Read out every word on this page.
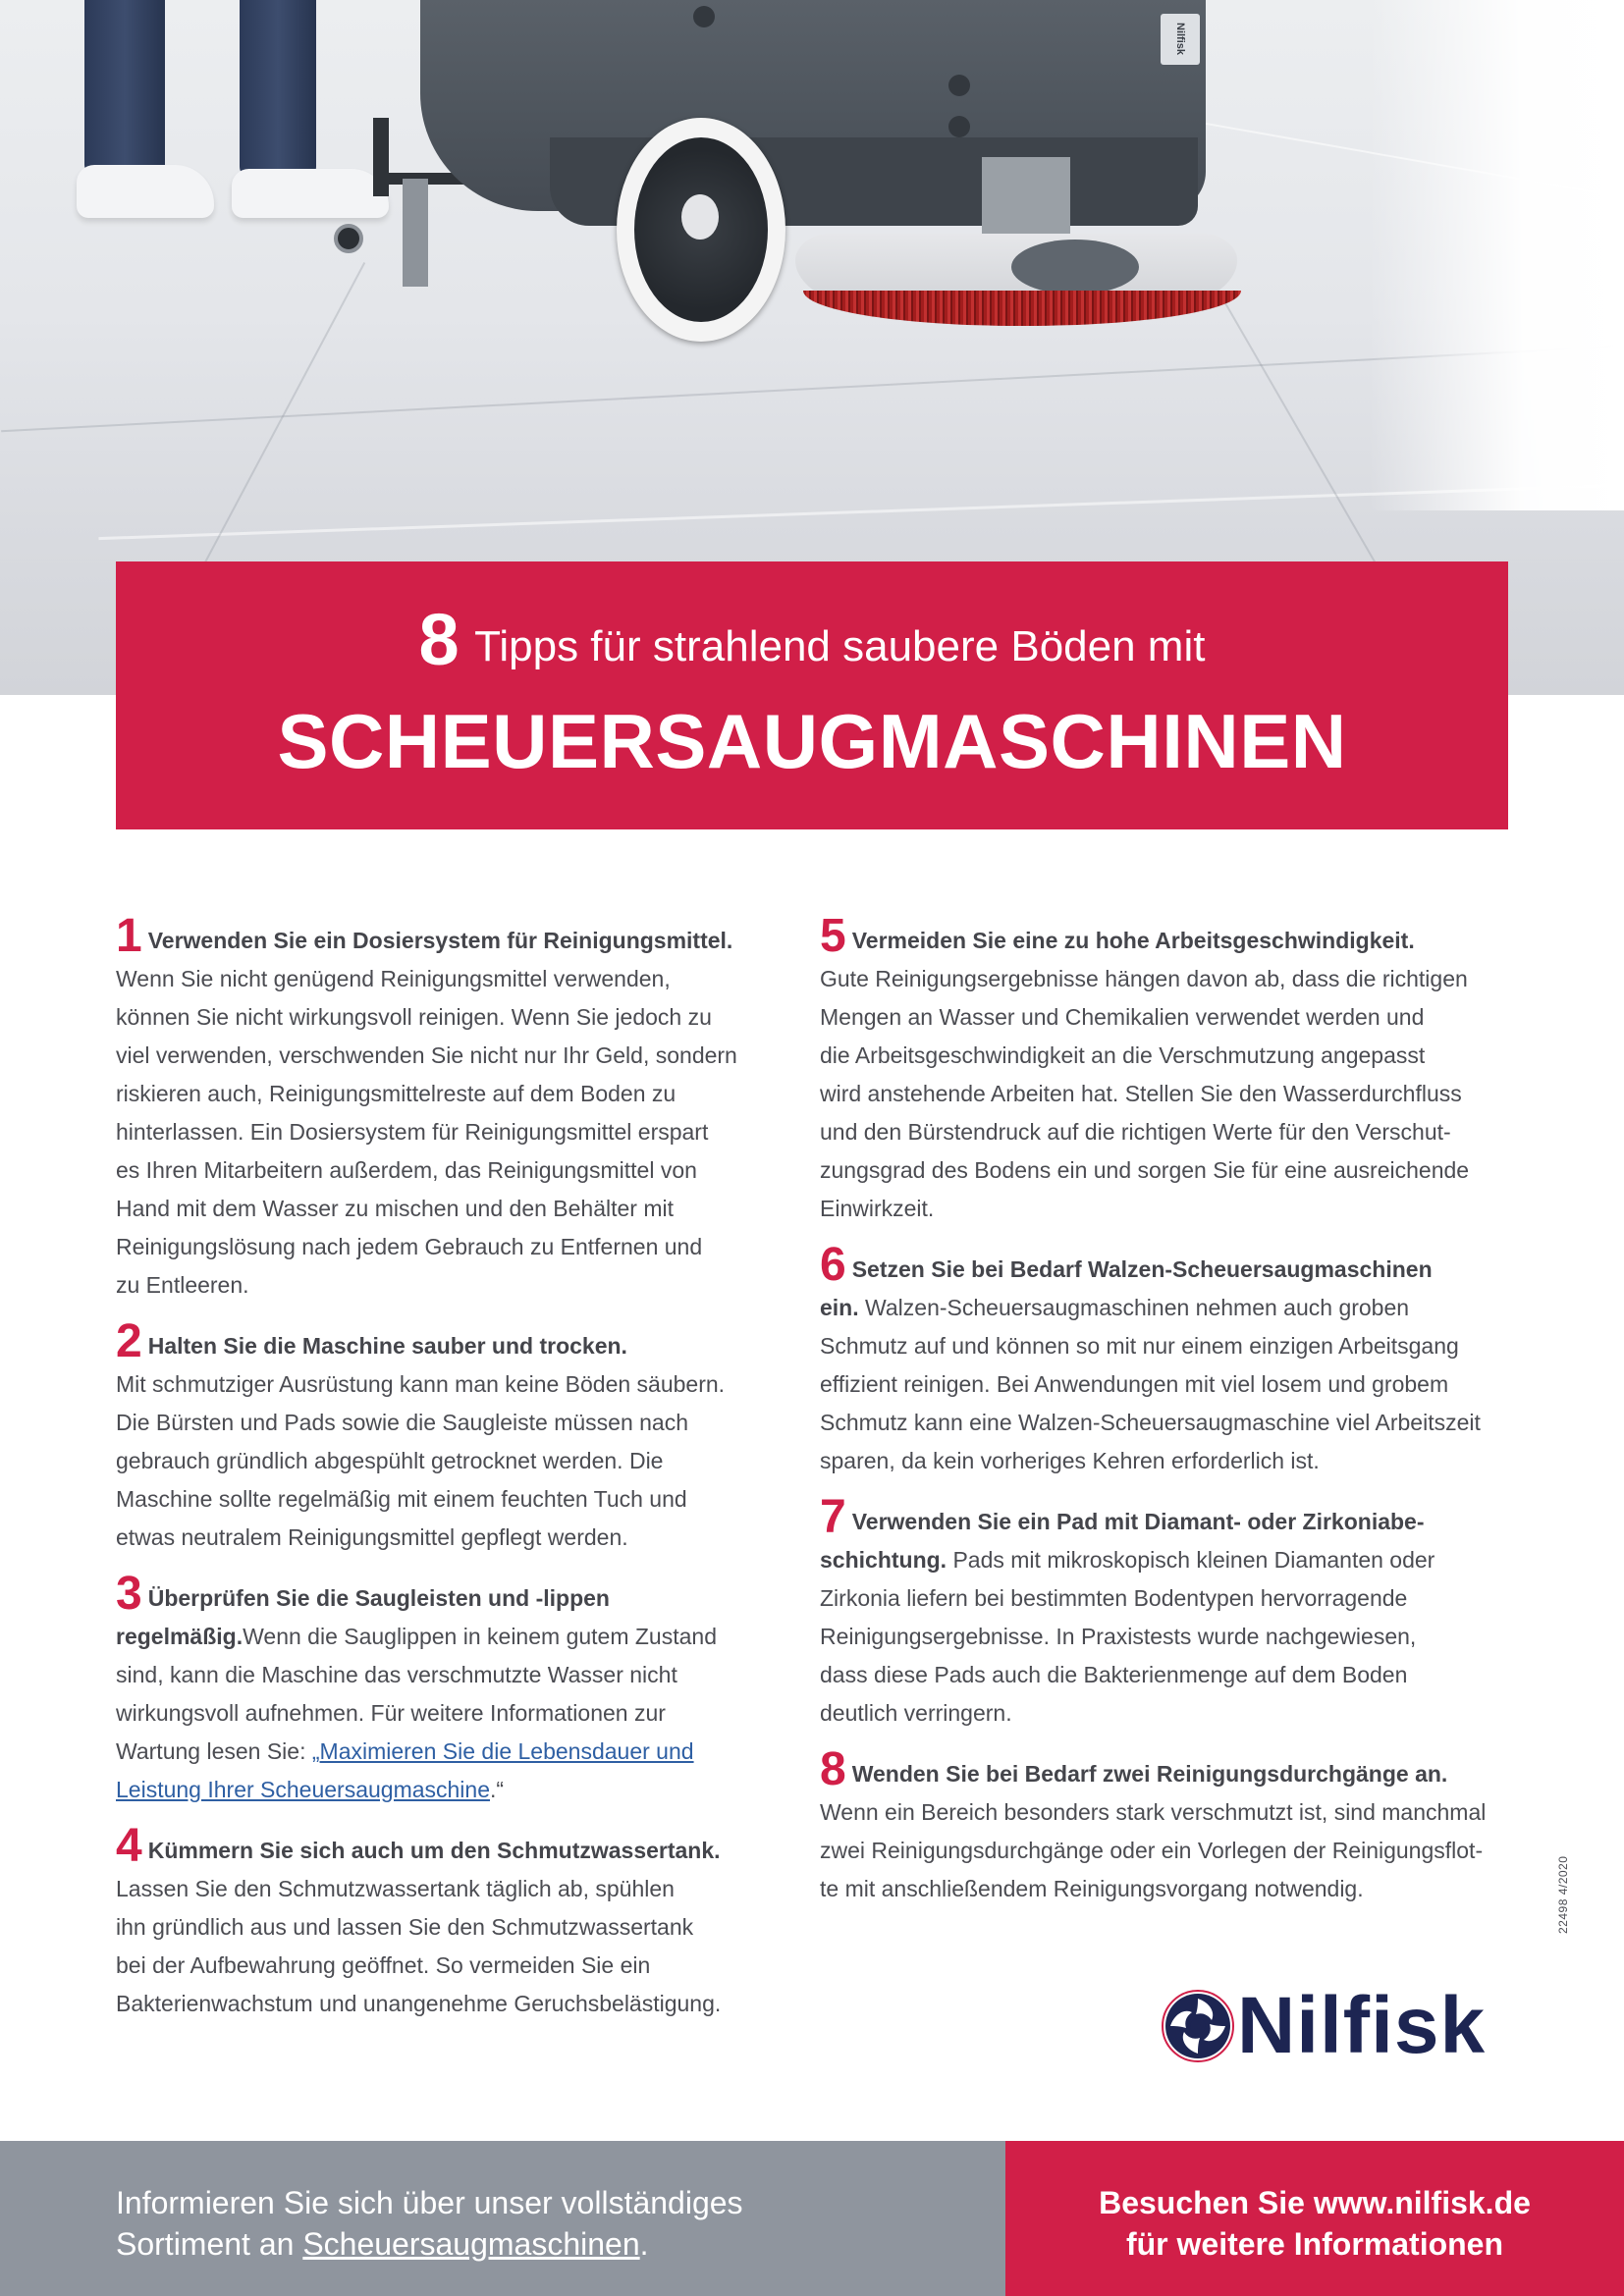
Nilfisk
8 Tipps für strahlend saubere Böden mit
SCHEUERSAUGMASCHINEN
1 Verwenden Sie ein Dosiersystem für Reinigungsmittel.
Wenn Sie nicht genügend Reinigungsmittel verwenden,
können Sie nicht wirkungsvoll reinigen. Wenn Sie jedoch zu
viel verwenden, verschwenden Sie nicht nur Ihr Geld, sondern
riskieren auch, Reinigungsmittelreste auf dem Boden zu
hinterlassen. Ein Dosiersystem für Reinigungsmittel erspart
es Ihren Mitarbeitern außerdem, das Reinigungsmittel von
Hand mit dem Wasser zu mischen und den Behälter mit
Reinigungslösung nach jedem Gebrauch zu Entfernen und
zu Entleeren.
2 Halten Sie die Maschine sauber und trocken.
Mit schmutziger Ausrüstung kann man keine Böden säubern.
Die Bürsten und Pads sowie die Saugleiste müssen nach
gebrauch gründlich abgespühlt getrocknet werden. Die
Maschine sollte regelmäßig mit einem feuchten Tuch und
etwas neutralem Reinigungsmittel gepflegt werden.
3 Überprüfen Sie die Saugleisten und -lippen
regelmäßig.Wenn die Sauglippen in keinem gutem Zustand
sind, kann die Maschine das verschmutzte Wasser nicht
wirkungsvoll aufnehmen. Für weitere Informationen zur
Wartung lesen Sie: „Maximieren Sie die Lebensdauer und
Leistung Ihrer Scheuersaugmaschine.“
4 Kümmern Sie sich auch um den Schmutzwassertank.
Lassen Sie den Schmutzwassertank täglich ab, spühlen
ihn gründlich aus und lassen Sie den Schmutzwassertank
bei der Aufbewahrung geöffnet. So vermeiden Sie ein
Bakterienwachstum und unangenehme Geruchsbelästigung.
5 Vermeiden Sie eine zu hohe Arbeitsgeschwindigkeit.
Gute Reinigungsergebnisse hängen davon ab, dass die richtigen
Mengen an Wasser und Chemikalien verwendet werden und
die Arbeitsgeschwindigkeit an die Verschmutzung angepasst
wird anstehende Arbeiten hat. Stellen Sie den Wasserdurchfluss
und den Bürstendruck auf die richtigen Werte für den Verschut-
zungsgrad des Bodens ein und sorgen Sie für eine ausreichende
Einwirkzeit.
6 Setzen Sie bei Bedarf Walzen-Scheuersaugmaschinen
ein. Walzen-Scheuersaugmaschinen nehmen auch groben
Schmutz auf und können so mit nur einem einzigen Arbeitsgang
effizient reinigen. Bei Anwendungen mit viel losem und grobem
Schmutz kann eine Walzen-Scheuersaugmaschine viel Arbeitszeit
sparen, da kein vorheriges Kehren erforderlich ist.
7 Verwenden Sie ein Pad mit Diamant- oder Zirkoniabe-
schichtung. Pads mit mikroskopisch kleinen Diamanten oder
Zirkonia liefern bei bestimmten Bodentypen hervorragende
Reinigungsergebnisse. In Praxistests wurde nachgewiesen,
dass diese Pads auch die Bakterienmenge auf dem Boden
deutlich verringern.
8 Wenden Sie bei Bedarf zwei Reinigungsdurchgänge an.
Wenn ein Bereich besonders stark verschmutzt ist, sind manchmal
zwei Reinigungsdurchgänge oder ein Vorlegen der Reinigungsflot-
te mit anschließendem Reinigungsvorgang notwendig.	22498 4/2020
Nilfisk
Informieren Sie sich über unser vollständiges
Sortiment an Scheuersaugmaschinen.
Besuchen Sie www.nilfisk.de
für weitere Informationen
